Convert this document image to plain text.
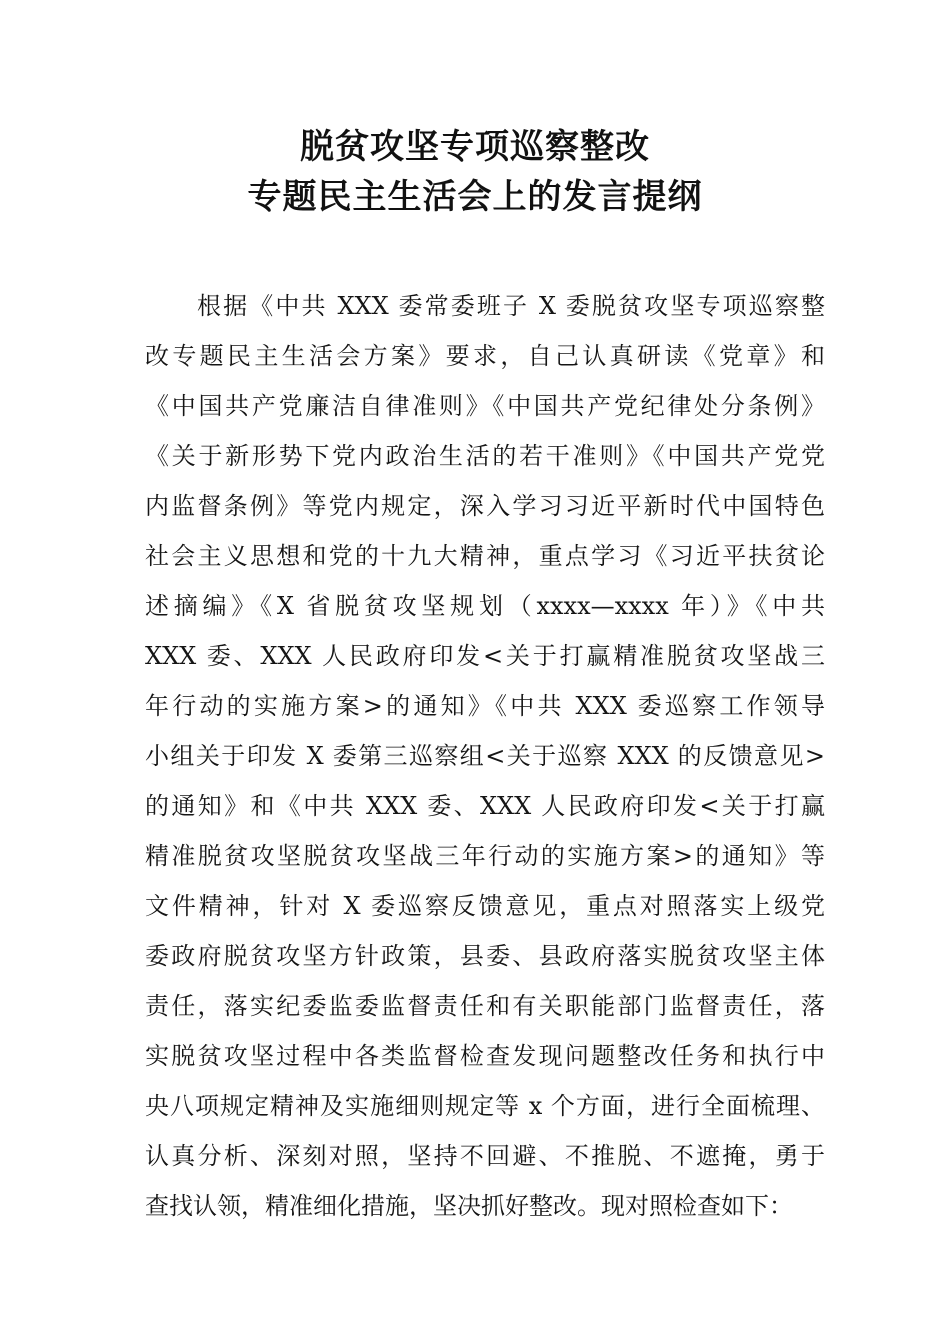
脱贫攻坚专项巡察整改
专题民主生活会上的发言提纲
根据《中共 XXX 委常委班子 X 委脱贫攻坚专项巡察整
改专题民主生活会方案》要求，自己认真研读《党章》和
《中国共产党廉洁自律准则》《中国共产党纪律处分条例》
《关于新形势下党内政治生活的若干准则》《中国共产党党
内监督条例》等党内规定，深入学习习近平新时代中国特色
社会主义思想和党的十九大精神，重点学习《习近平扶贫论
述摘编》《X 省脱贫攻坚规划（xxxx—xxxx 年）》《中共
XXX 委、XXX 人民政府印发<关于打赢精准脱贫攻坚战三
年行动的实施方案>的通知》《中共 XXX 委巡察工作领导
小组关于印发 X 委第三巡察组<关于巡察 XXX 的反馈意见>
的通知》和《中共 XXX 委、XXX 人民政府印发<关于打赢
精准脱贫攻坚脱贫攻坚战三年行动的实施方案>的通知》等
文件精神，针对 X 委巡察反馈意见，重点对照落实上级党
委政府脱贫攻坚方针政策，县委、县政府落实脱贫攻坚主体
责任，落实纪委监委监督责任和有关职能部门监督责任，落
实脱贫攻坚过程中各类监督检查发现问题整改任务和执行中
央八项规定精神及实施细则规定等 x 个方面，进行全面梳理、
认真分析、深刻对照，坚持不回避、不推脱、不遮掩，勇于
查找认领，精准细化措施，坚决抓好整改。现对照检查如下：
